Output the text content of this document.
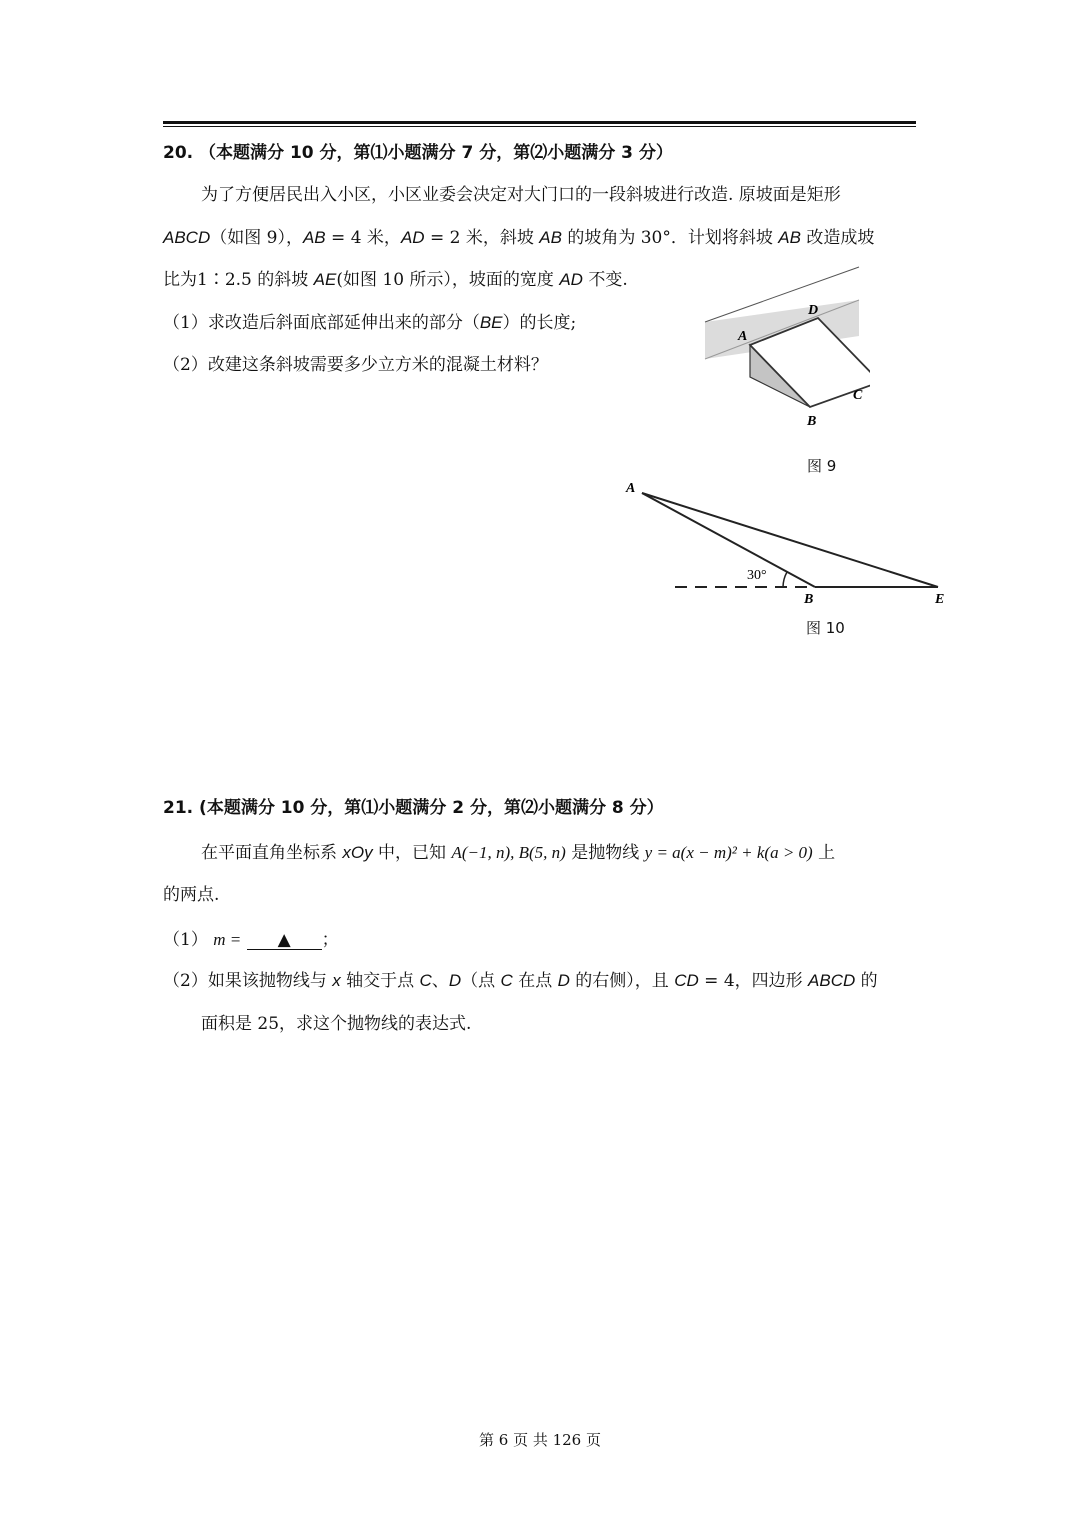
20. （本题满分 10 分，第⑴小题满分 7 分，第⑵小题满分 3 分）
为了方便居民出入小区，小区业委会决定对大门口的一段斜坡进行改造. 原坡面是矩形
ABCD（如图 9），AB = 4 米，AD = 2 米，斜坡 AB 的坡角为 30°．计划将斜坡 AB 改造成坡
比为1∶2.5 的斜坡 AE(如图 10 所示），坡面的宽度 AD 不变.
（1）求改造后斜面底部延伸出来的部分（BE）的长度;
（2）改建这条斜坡需要多少立方米的混凝土材料？
A
D
B
C
图 9
30°
A
B	E
图 10
21. (本题满分 10 分，第⑴小题满分 2 分，第⑵小题满分 8 分）
在平面直角坐标系 xOy 中，已知 A(−1, n), B(5, n) 是抛物线 y = a(x − m)² + k(a > 0) 上
的两点.
（1） m = ▲ ；
（2）如果该抛物线与 x 轴交于点 C、D（点 C 在点 D 的右侧），且 CD = 4，四边形 ABCD 的
面积是 25，求这个抛物线的表达式.
第 6 页 共 126 页
